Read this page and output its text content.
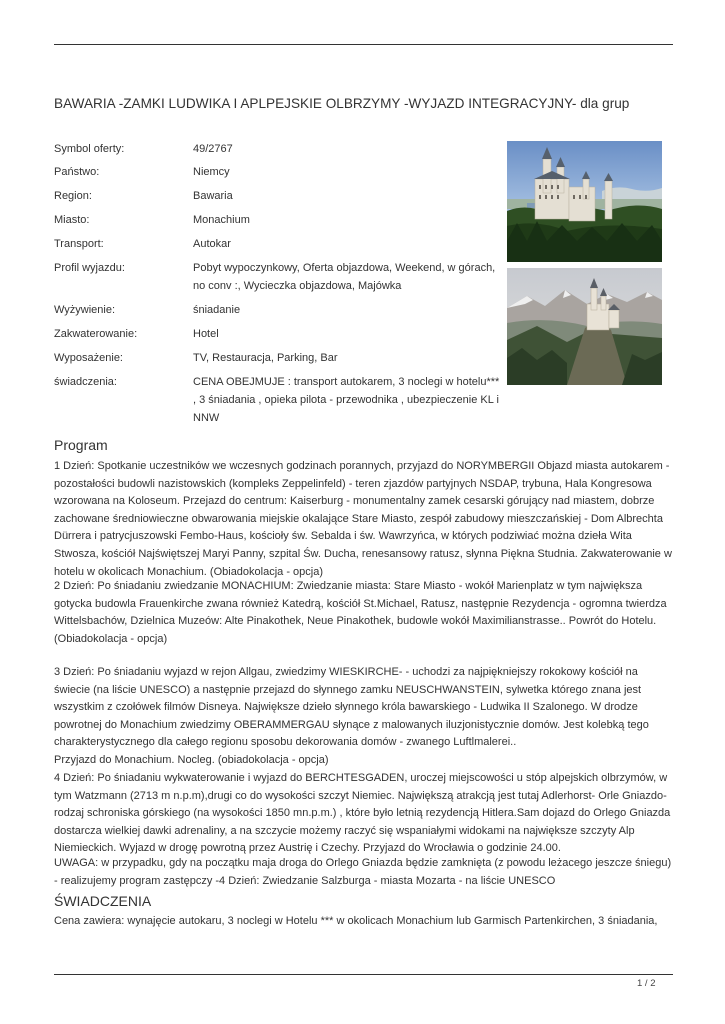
BAWARIA -ZAMKI LUDWIKA I APLPEJSKIE OLBRZYMY -WYJAZD INTEGRACYJNY- dla grup
Symbol oferty:	49/2767
Państwo:	Niemcy
Region:	Bawaria
Miasto:	Monachium
Transport:	Autokar
Profil wyjazdu:	Pobyt wypoczynkowy, Oferta objazdowa, Weekend, w górach, no conv :, Wycieczka objazdowa, Majówka
Wyżywienie:	śniadanie
Zakwaterowanie:	Hotel
Wyposażenie:	TV, Restauracja, Parking, Bar
świadczenia:	CENA OBEJMUJE : transport autokarem, 3 noclegi w hotelu*** , 3 śniadania , opieka pilota - przewodnika , ubezpieczenie KL i NNW
Program
1 Dzień: Spotkanie uczestników we wczesnych godzinach porannych, przyjazd do NORYMBERGII Objazd miasta autokarem - pozostałości budowli nazistowskich (kompleks Zeppelinfeld) - teren zjazdów partyjnych NSDAP, trybuna, Hala Kongresowa wzorowana na Koloseum. Przejazd do centrum: Kaiserburg - monumentalny zamek cesarski górujący nad miastem, dobrze zachowane średniowieczne obwarowania miejskie okalające Stare Miasto, zespół zabudowy mieszczańskiej - Dom Albrechta Dürrera i patrycjuszowski Fembo-Haus, kościoły św. Sebalda i św. Wawrzyńca, w których podziwiać można dzieła Wita Stwosza, kościół Najświętszej Maryi Panny, szpital Św. Ducha, renesansowy ratusz, słynna Piękna Studnia. Zakwaterowanie w hotelu w okolicach Monachium. (Obiadokolacja - opcja)
2 Dzień: Po śniadaniu zwiedzanie MONACHIUM: Zwiedzanie miasta: Stare Miasto - wokół Marienplatz w tym największa gotycka budowla Frauenkirche zwana również Katedrą, kościół St.Michael, Ratusz, następnie Rezydencja - ogromna twierdza Wittelsbachów, Dzielnica Muzeów: Alte Pinakothek, Neue Pinakothek, budowle wokół Maximilianstrasse.. Powrót do Hotelu. (Obiadokolacja - opcja)
3 Dzień: Po śniadaniu wyjazd w rejon Allgau, zwiedzimy WIESKIRCHE- - uchodzi za najpiękniejszy rokokowy kościół na świecie (na liście UNESCO) a następnie przejazd do słynnego zamku NEUSCHWANSTEIN, sylwetka którego znana jest wszystkim z czołówek filmów Disneya. Największe dzieło słynnego króla bawarskiego - Ludwika II Szalonego. W drodze powrotnej do Monachium zwiedzimy OBERAMMERGAU słynące z malowanych iluzjonistycznie domów. Jest kolebką tego charakterystycznego dla całego regionu sposobu dekorowania domów - zwanego Luftlmalerei..
Przyjazd do Monachium. Nocleg. (obiadokolacja - opcja)
4 Dzień: Po śniadaniu wykwaterowanie i wyjazd do BERCHTESGADEN, uroczej miejscowości u stóp alpejskich olbrzymów, w tym Watzmann (2713 m n.p.m),drugi co do wysokości szczyt Niemiec. Największą atrakcją jest tutaj Adlerhorst- Orle Gniazdo- rodzaj schroniska górskiego (na wysokości 1850 mn.p.m.) , które było letnią rezydencją Hitlera.Sam dojazd do Orlego Gniazda dostarcza wielkiej dawki adrenaliny, a na szczycie możemy raczyć się wspaniałymi widokami na największe szczyty Alp Niemieckich. Wyjazd w drogę powrotną przez Austrię i Czechy. Przyjazd do Wrocławia o godzinie 24.00.
UWAGA: w przypadku, gdy na początku maja droga do Orlego Gniazda będzie zamknięta (z powodu leżacego jeszcze śniegu) - realizujemy program zastępczy -4 Dzień: Zwiedzanie Salzburga - miasta Mozarta - na liście UNESCO
ŚWIADCZENIA
Cena zawiera: wynajęcie autokaru, 3 noclegi w Hotelu *** w okolicach Monachium lub Garmisch Partenkirchen, 3 śniadania,
1 / 2
